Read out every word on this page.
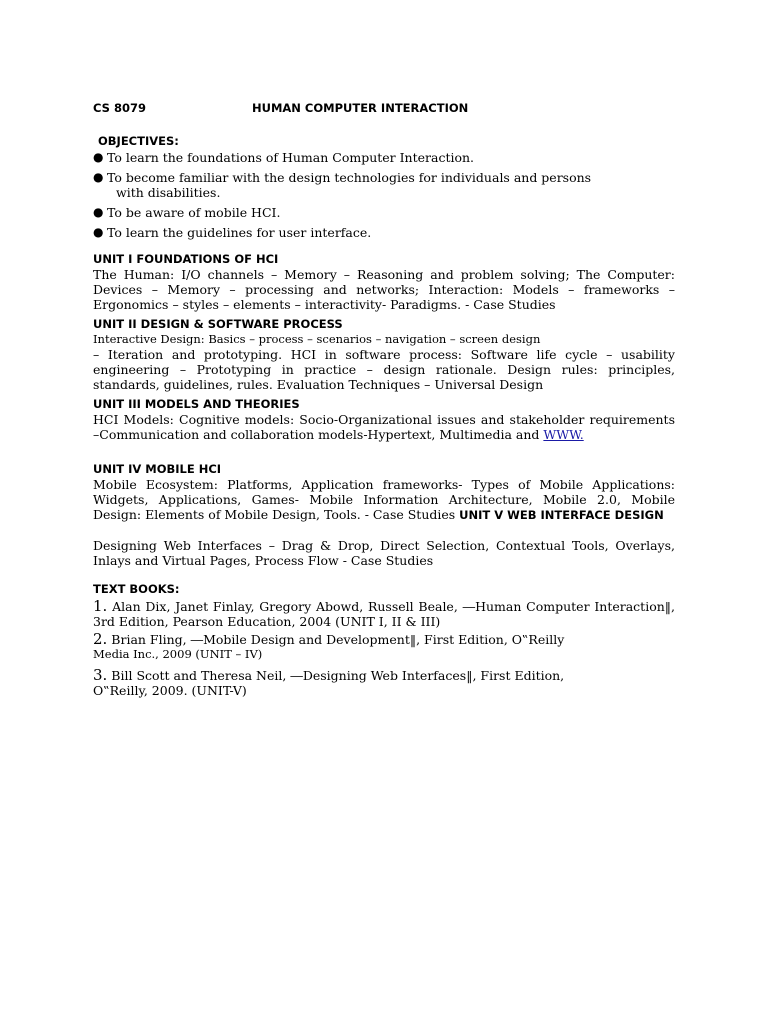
CS 8079	HUMAN COMPUTER INTERACTION
OBJECTIVES:
● To learn the foundations of Human Computer Interaction.
● To become familiar with the design technologies for individuals and persons
with disabilities.
● To be aware of mobile HCI.
● To learn the guidelines for user interface.
UNIT I FOUNDATIONS OF HCI

The Human: I/O channels – Memory – Reasoning and problem solving; The Computer: Devices – Memory – processing and networks; Interaction: Models – frameworks – Ergonomics – styles – elements – interactivity- Paradigms. - Case Studies

UNIT II DESIGN & SOFTWARE PROCESS

Interactive Design: Basics – process – scenarios – navigation – screen design

– Iteration and prototyping. HCI in software process: Software life cycle – usability engineering – Prototyping in practice – design rationale. Design rules: principles, standards, guidelines, rules. Evaluation Techniques – Universal Design

UNIT III MODELS AND THEORIES

HCI Models: Cognitive models: Socio-Organizational issues and stakeholder requirements –Communication and collaboration models-Hypertext, Multimedia and WWW.

UNIT IV MOBILE HCI

Mobile Ecosystem: Platforms, Application frameworks- Types of Mobile Applications: Widgets, Applications, Games- Mobile Information Architecture, Mobile 2.0, Mobile Design: Elements of Mobile Design, Tools. - Case Studies UNIT V WEB INTERFACE DESIGN

Designing Web Interfaces – Drag & Drop, Direct Selection, Contextual Tools, Overlays, Inlays and Virtual Pages, Process Flow - Case Studies

TEXT BOOKS:
1. Alan Dix, Janet Finlay, Gregory Abowd, Russell Beale, ―Human Computer Interaction‖, 3rd Edition, Pearson Education, 2004 (UNIT I, II & III)
2. Brian Fling, ―Mobile Design and Development‖, First Edition, O‟Reilly
Media Inc., 2009 (UNIT – IV)
3. Bill Scott and Theresa Neil, ―Designing Web Interfaces‖, First Edition,
O‟Reilly, 2009. (UNIT-V)
